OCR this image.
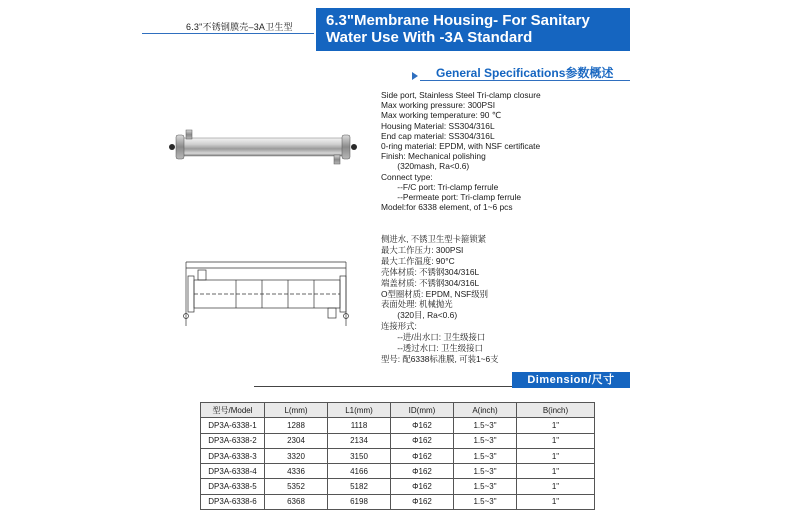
6.3"不锈钢膜壳–3A卫生型 6.3"Membrane Housing- For Sanitary
Water Use With -3A Standard
General Specifications参数概述
Side port, Stainless Steel Tri-clamp closure
Max working pressure: 300PSI
Max working temperature: 90 ℃
Housing Material: SS304/316L
End cap material: SS304/316L
0-ring material: EPDM, with NSF certificate
Finish: Mechanical polishing
(320mash, Ra<0.6)
Connect type:
--F/C port: Tri-clamp ferrule
--Permeate port: Tri-clamp ferrule
Model:for 6338 element, of 1~6 pcs
侧进水, 不锈卫生型卡箍锁紧
最大工作压力: 300PSI
最大工作温度: 90°C
壳体材质: 不锈钢304/316L
端盖材质: 不锈钢304/316L
O型圈材质: EPDM, NSF级别
表面处理: 机械抛光
(320目, Ra<0.6)
连接形式:
--进/出水口: 卫生级接口
--透过水口: 卫生级接口
型号: 配6338标准膜, 可装1~6支
Dimension/尺寸
型号/Model	L(mm)	L1(mm)	ID(mm)	A(inch)	B(inch)
DP3A-6338-1	1288	1118	Φ162	1.5~3"	1"
DP3A-6338-2	2304	2134	Φ162	1.5~3"	1"
DP3A-6338-3	3320	3150	Φ162	1.5~3"	1"
DP3A-6338-4	4336	4166	Φ162	1.5~3"	1"
DP3A-6338-5	5352	5182	Φ162	1.5~3"	1"
DP3A-6338-6	6368	6198	Φ162	1.5~3"	1"
